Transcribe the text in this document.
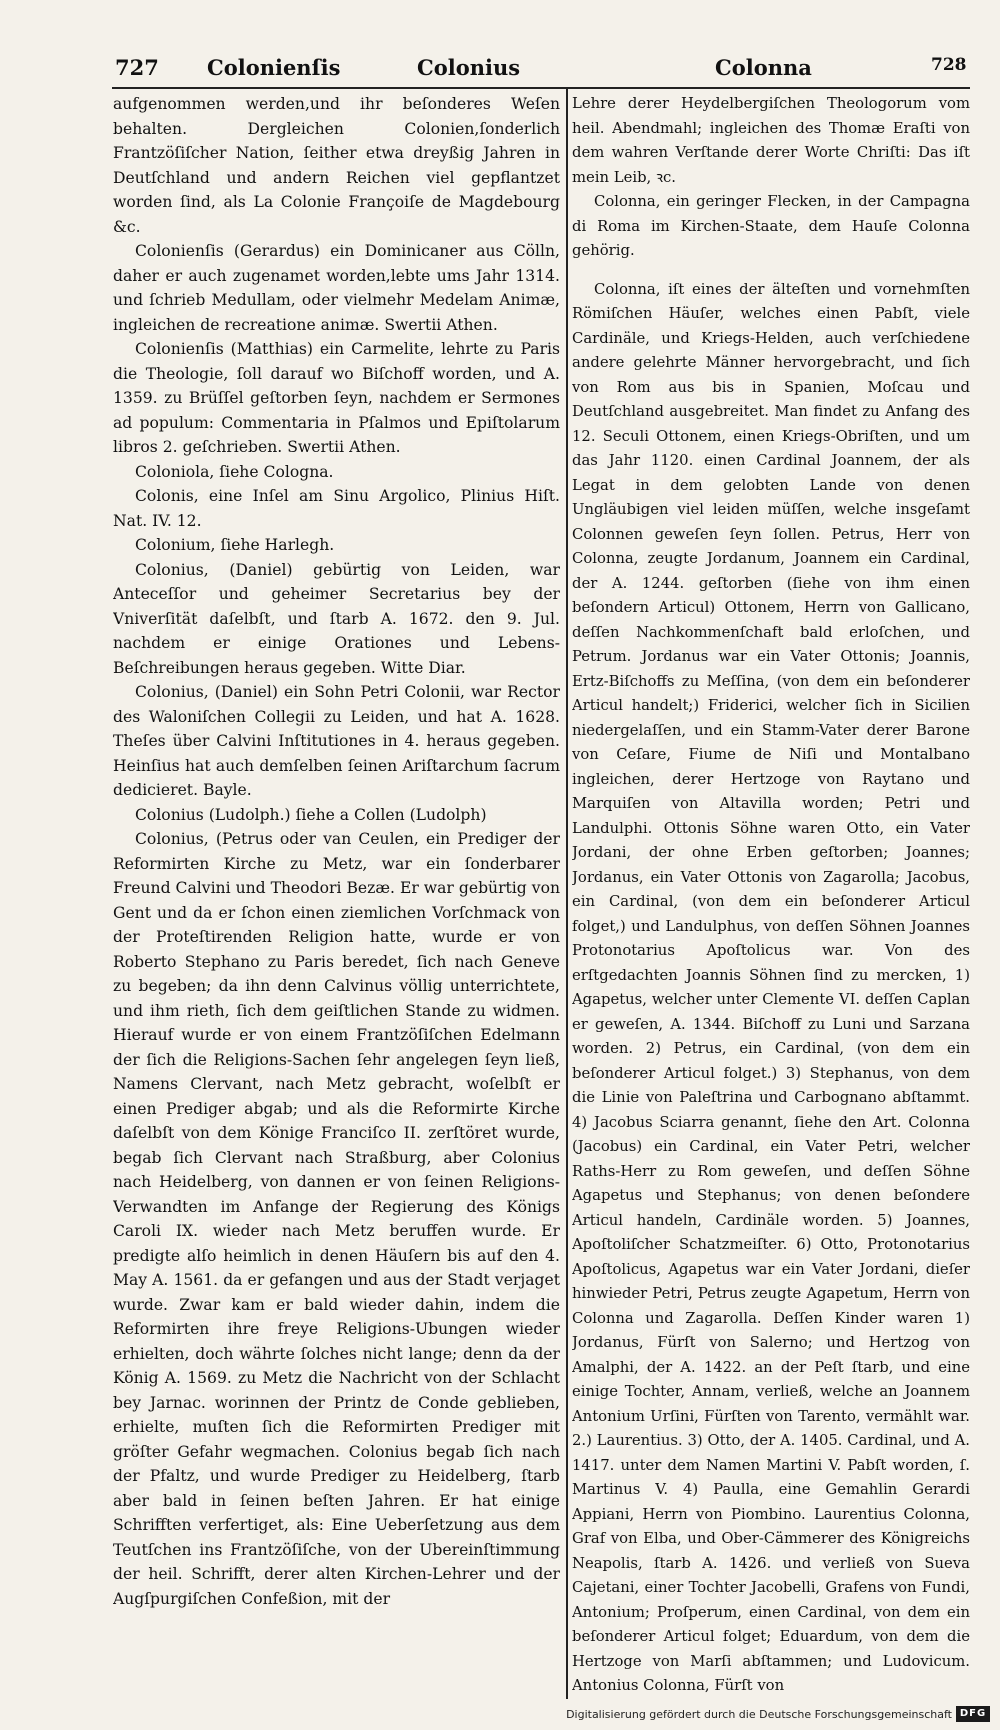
727 Colonienſis	Colonius	Colonna	728

aufgenommen werden,und ihr beſonderes Weſen behalten. Dergleichen Colonien,ſonderlich Frantzöſiſcher Nation, ſeither etwa dreyßig Jahren in Deutſchland und andern Reichen viel gepflantzet worden ſind, als La Colonie Françoiſe de Magdebourg &c.

Colonienſis (Gerardus) ein Dominicaner aus Cölln, daher er auch zugenamet worden,lebte ums Jahr 1314. und ſchrieb Medullam, oder vielmehr Medelam Animæ, ingleichen de recreatione animæ. Swertii Athen.

Colonienſis (Matthias) ein Carmelite, lehrte zu Paris die Theologie, ſoll darauf wo Biſchoff worden, und A. 1359. zu Brüſſel geſtorben ſeyn, nachdem er Sermones ad populum: Commentaria in Pſalmos und Epiſtolarum libros 2. geſchrieben. Swertii Athen.

Coloniola, ſiehe Cologna.

Colonis, eine Inſel am Sinu Argolico, Plinius Hiſt. Nat. IV. 12.

Colonium, ſiehe Harlegh.

Colonius, (Daniel) gebürtig von Leiden, war Anteceſſor und geheimer Secretarius bey der Vniverſität daſelbſt, und ſtarb A. 1672. den 9. Jul. nachdem er einige Orationes und Lebens-Beſchreibungen heraus gegeben. Witte Diar.

Colonius, (Daniel) ein Sohn Petri Colonii, war Rector des Waloniſchen Collegii zu Leiden, und hat A. 1628. Theſes über Calvini Inſtitutiones in 4. heraus gegeben. Heinſius hat auch demſelben ſeinen Ariſtarchum ſacrum dedicieret. Bayle.

Colonius (Ludolph.) ſiehe a Collen (Ludolph)

Colonius, (Petrus oder van Ceulen, ein Prediger der Reformirten Kirche zu Metz, war ein ſonderbarer Freund Calvini und Theodori Bezæ. Er war gebürtig von Gent und da er ſchon einen ziemlichen Vorſchmack von der Proteſtirenden Religion hatte, wurde er von Roberto Stephano zu Paris beredet, ſich nach Geneve zu begeben; da ihn denn Calvinus völlig unterrichtete, und ihm rieth, ſich dem geiſtlichen Stande zu widmen. Hierauf wurde er von einem Frantzöſiſchen Edelmann der ſich die Religions-Sachen ſehr angelegen ſeyn ließ, Namens Clervant, nach Metz gebracht, woſelbſt er einen Prediger abgab; und als die Reformirte Kirche daſelbſt von dem Könige Franciſco II. zerſtöret wurde, begab ſich Clervant nach Straßburg, aber Colonius nach Heidelberg, von dannen er von ſeinen Religions-Verwandten im Anfange der Regierung des Königs Caroli IX. wieder nach Metz beruffen wurde. Er predigte alſo heimlich in denen Häuſern bis auf den 4. May A. 1561. da er gefangen und aus der Stadt verjaget wurde. Zwar kam er bald wieder dahin, indem die Reformirten ihre freye Religions-Ubungen wieder erhielten, doch währte ſolches nicht lange; denn da der König A. 1569. zu Metz die Nachricht von der Schlacht bey Jarnac. worinnen der Printz de Conde geblieben, erhielte, muſten ſich die Reformirten Prediger mit gröſter Gefahr wegmachen. Colonius begab ſich nach der Pfaltz, und wurde Prediger zu Heidelberg, ſtarb aber bald in ſeinen beſten Jahren. Er hat einige Schrifften verfertiget, als: Eine Ueberſetzung aus dem Teutſchen ins Frantzöſiſche, von der Ubereinſtimmung der heil. Schrifft, derer alten Kirchen-Lehrer und der Augſpurgiſchen Confeßion, mit der

Lehre derer Heydelbergiſchen Theologorum vom heil. Abendmahl; ingleichen des Thomæ Eraſti von dem wahren Verſtande derer Worte Chriſti: Das iſt mein Leib, ꝛc.

Colonna, ein geringer Flecken, in der Campagna di Roma im Kirchen-Staate, dem Hauſe Colonna gehörig.

Colonna, iſt eines der älteſten und vornehmſten Römiſchen Häuſer, welches einen Pabſt, viele Cardinäle, und Kriegs-Helden, auch verſchiedene andere gelehrte Männer hervorgebracht, und ſich von Rom aus bis in Spanien, Moſcau und Deutſchland ausgebreitet. Man findet zu Anfang des 12. Seculi Ottonem, einen Kriegs-Obriſten, und um das Jahr 1120. einen Cardinal Joannem, der als Legat in dem gelobten Lande von denen Ungläubigen viel leiden müſſen, welche insgeſamt Colonnen geweſen ſeyn ſollen. Petrus, Herr von Colonna, zeugte Jordanum, Joannem ein Cardinal, der A. 1244. geſtorben (ſiehe von ihm einen beſondern Articul) Ottonem, Herrn von Gallicano, deſſen Nachkommenſchaft bald erloſchen, und Petrum. Jordanus war ein Vater Ottonis; Joannis, Ertz-Biſchoffs zu Meſſina, (von dem ein beſonderer Articul handelt;) Friderici, welcher ſich in Sicilien niedergelaſſen, und ein Stamm-Vater derer Barone von Ceſare, Fiume de Niſi und Montalbano ingleichen, derer Hertzoge von Raytano und Marquiſen von Altavilla worden; Petri und Landulphi. Ottonis Söhne waren Otto, ein Vater Jordani, der ohne Erben geſtorben; Joannes; Jordanus, ein Vater Ottonis von Zagarolla; Jacobus, ein Cardinal, (von dem ein beſonderer Articul folget,) und Landulphus, von deſſen Söhnen Joannes Protonotarius Apoſtolicus war. Von des erſtgedachten Joannis Söhnen ſind zu mercken, 1) Agapetus, welcher unter Clemente VI. deſſen Caplan er geweſen, A. 1344. Biſchoff zu Luni und Sarzana worden. 2) Petrus, ein Cardinal, (von dem ein beſonderer Articul folget.) 3) Stephanus, von dem die Linie von Paleſtrina und Carbognano abſtammt. 4) Jacobus Sciarra genannt, ſiehe den Art. Colonna (Jacobus) ein Cardinal, ein Vater Petri, welcher Raths-Herr zu Rom geweſen, und deſſen Söhne Agapetus und Stephanus; von denen beſondere Articul handeln, Cardinäle worden. 5) Joannes, Apoſtoliſcher Schatzmeiſter. 6) Otto, Protonotarius Apoſtolicus, Agapetus war ein Vater Jordani, dieſer hinwieder Petri, Petrus zeugte Agapetum, Herrn von Colonna und Zagarolla. Deſſen Kinder waren 1) Jordanus, Fürſt von Salerno; und Hertzog von Amalphi, der A. 1422. an der Peſt ſtarb, und eine einige Tochter, Annam, verließ, welche an Joannem Antonium Urſini, Fürſten von Tarento, vermählt war. 2.) Laurentius. 3) Otto, der A. 1405. Cardinal, und A. 1417. unter dem Namen Martini V. Pabſt worden, ſ. Martinus V. 4) Paulla, eine Gemahlin Gerardi Appiani, Herrn von Piombino. Laurentius Colonna, Graf von Elba, und Ober-Cämmerer des Königreichs Neapolis, ſtarb A. 1426. und verließ von Sueva Cajetani, einer Tochter Jacobelli, Grafens von Fundi, Antonium; Proſperum, einen Cardinal, von dem ein beſonderer Articul folget; Eduardum, von dem die Hertzoge von Marſi abſtammen; und Ludovicum. Antonius Colonna, Fürſt von

Digitalisierung gefördert durch die Deutsche Forschungsgemeinschaft DFG
